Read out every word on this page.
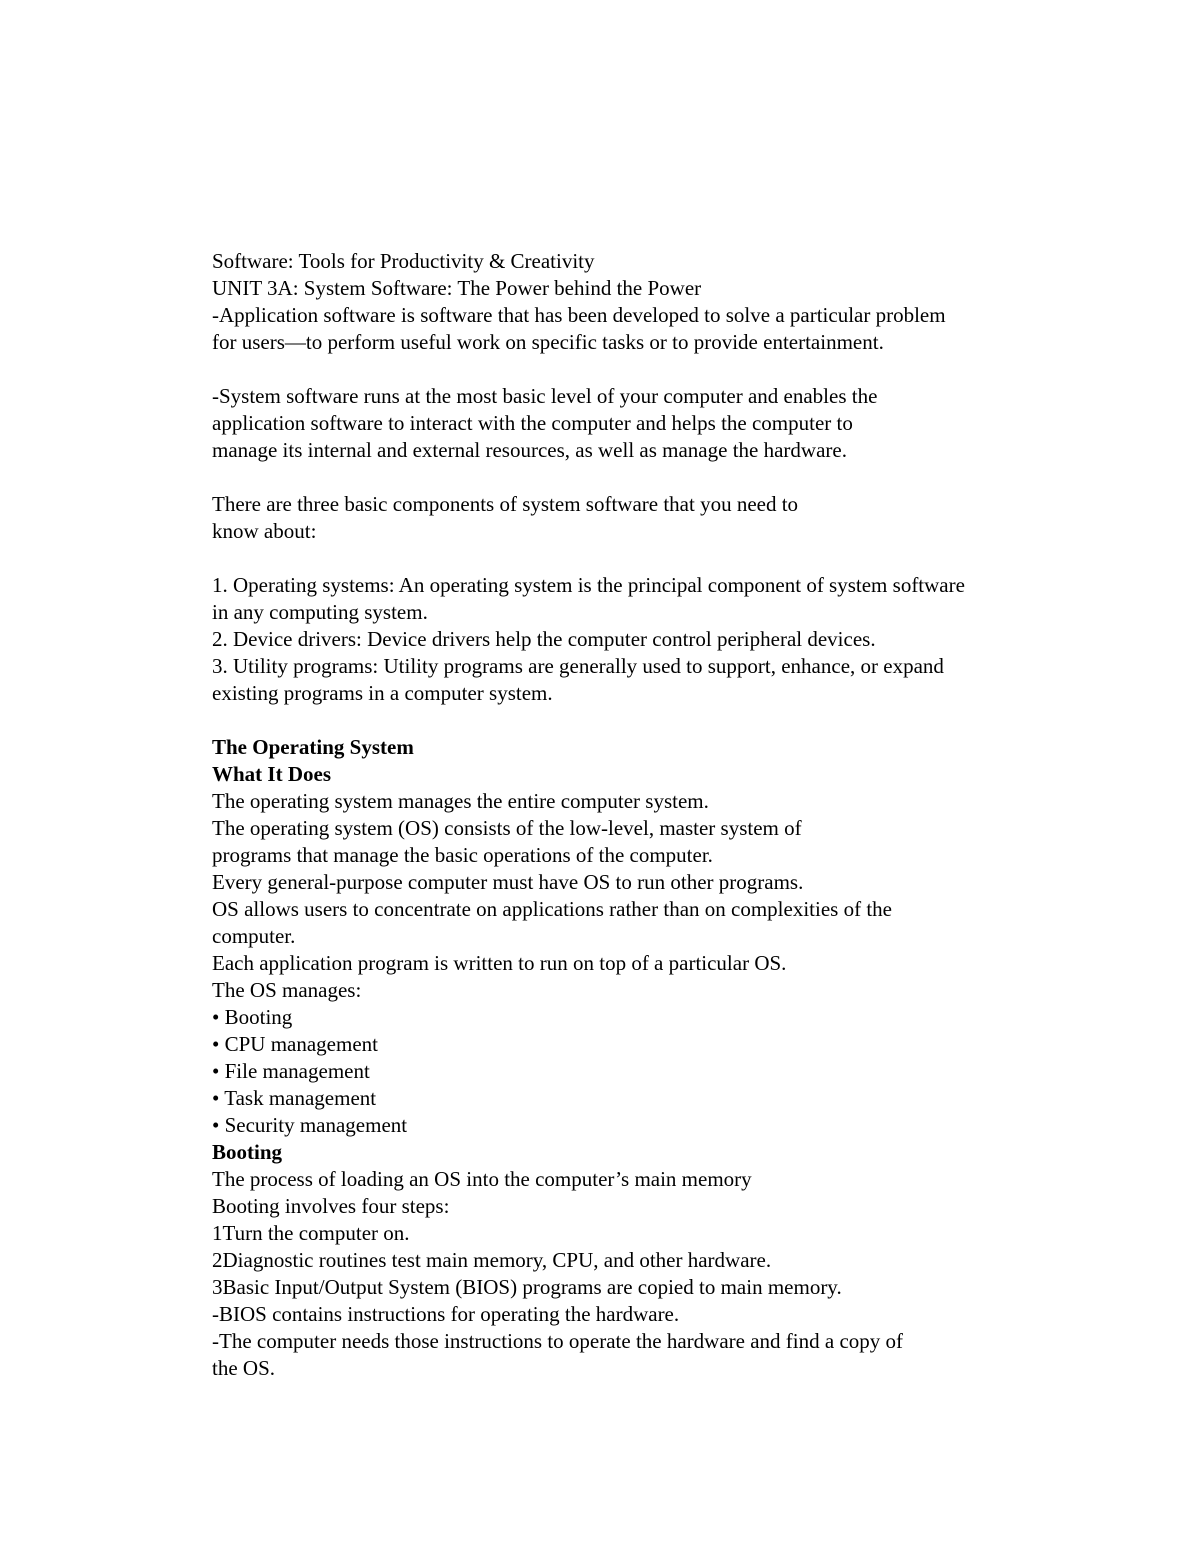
Software: Tools for Productivity & Creativity
UNIT 3A: System Software: The Power behind the Power
-Application software is software that has been developed to solve a particular problem
for users—to perform useful work on specific tasks or to provide entertainment.
-System software runs at the most basic level of your computer and enables the
application software to interact with the computer and helps the computer to
manage its internal and external resources, as well as manage the hardware.
There are three basic components of system software that you need to
know about:
1. Operating systems: An operating system is the principal component of system software
in any computing system.
2. Device drivers: Device drivers help the computer control peripheral devices.
3. Utility programs: Utility programs are generally used to support, enhance, or expand
existing programs in a computer system.
The Operating System
What It Does
The operating system manages the entire computer system.
The operating system (OS) consists of the low-level, master system of
programs that manage the basic operations of the computer.
Every general-purpose computer must have OS to run other programs.
OS allows users to concentrate on applications rather than on complexities of the
computer.
Each application program is written to run on top of a particular OS.
The OS manages:
• Booting
• CPU management
• File management
• Task management
• Security management
Booting
The process of loading an OS into the computer’s main memory
Booting involves four steps:
1Turn the computer on.
2Diagnostic routines test main memory, CPU, and other hardware.
3Basic Input/Output System (BIOS) programs are copied to main memory.
-BIOS contains instructions for operating the hardware.
-The computer needs those instructions to operate the hardware and find a copy of
the OS.
